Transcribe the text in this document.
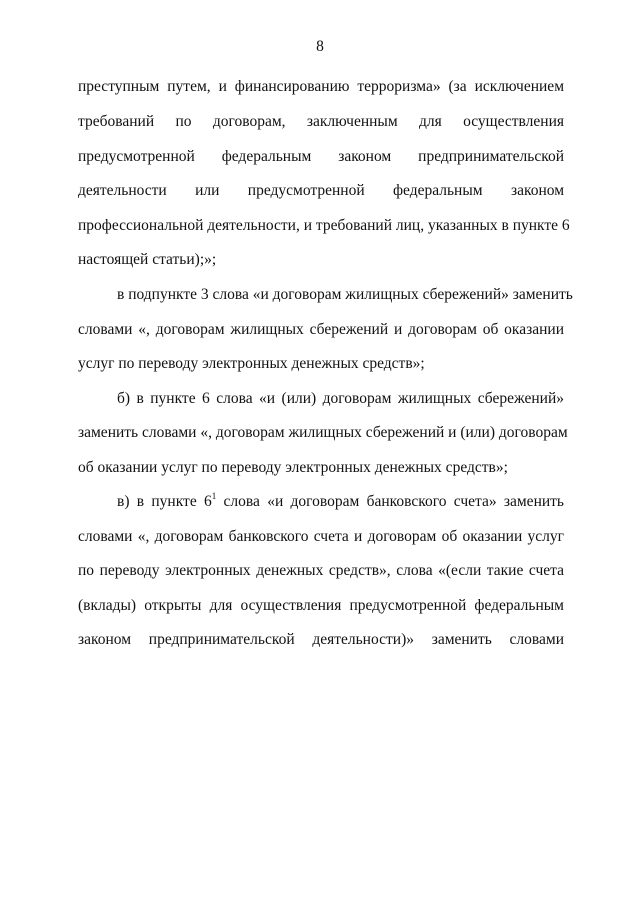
8
преступным путем, и финансированию терроризма» (за исключением
требований по договорам, заключенным для осуществления
предусмотренной федеральным законом предпринимательской
деятельности или предусмотренной федеральным законом
профессиональной деятельности, и требований лиц, указанных в пункте 6
настоящей статьи);»;
в подпункте 3 слова «и договорам жилищных сбережений» заменить
словами «, договорам жилищных сбережений и договорам об оказании
услуг по переводу электронных денежных средств»;
б) в пункте 6 слова «и (или) договорам жилищных сбережений»
заменить словами «, договорам жилищных сбережений и (или) договорам
об оказании услуг по переводу электронных денежных средств»;
в) в пункте $6^1$ слова «и договорам банковского счета» заменить
словами «, договорам банковского счета и договорам об оказании услуг
по переводу электронных денежных средств», слова «(если такие счета
(вклады) открыты для осуществления предусмотренной федеральным
законом предпринимательской деятельности)» заменить словами
